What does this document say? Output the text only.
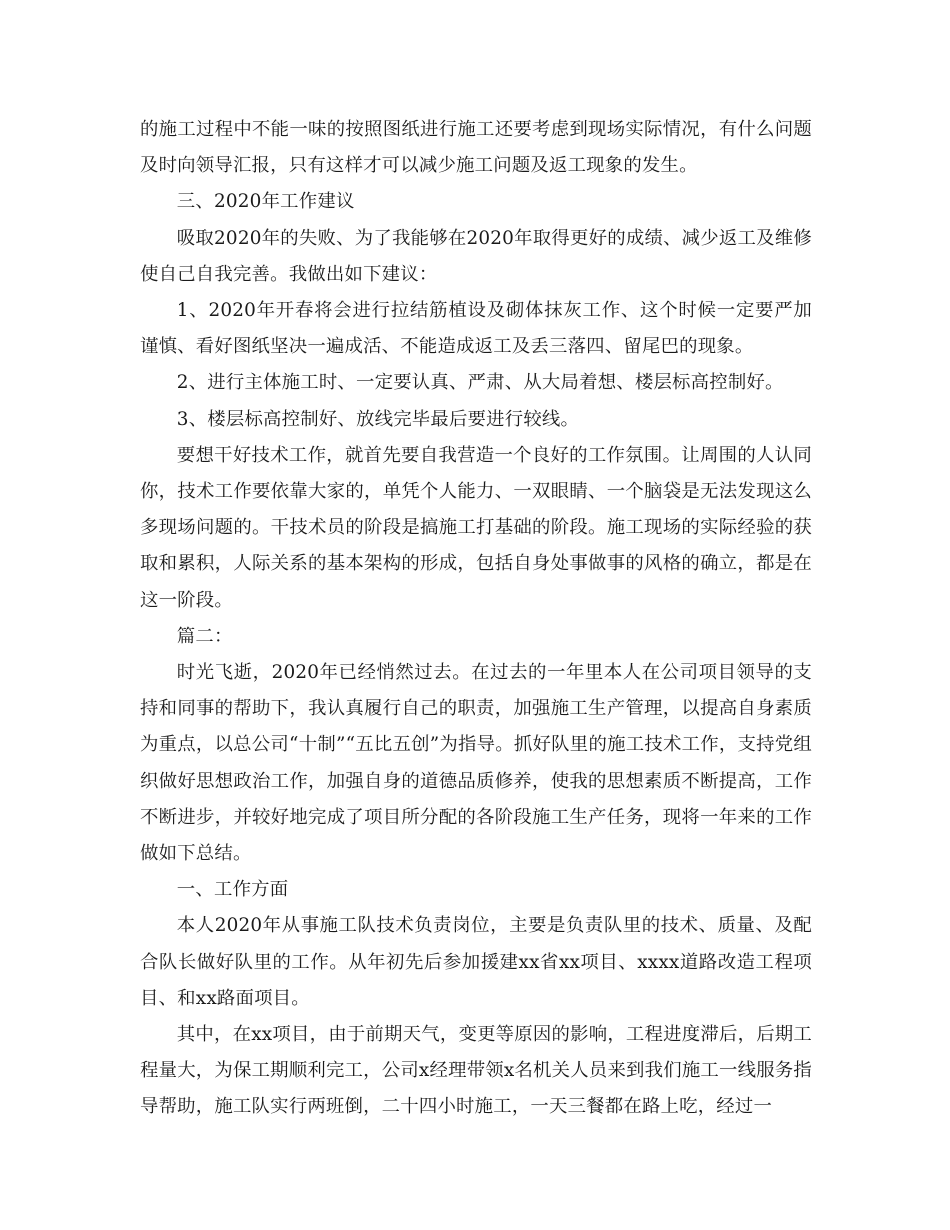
的施工过程中不能一味的按照图纸进行施工还要考虑到现场实际情况，有什么问题及时向领导汇报，只有这样才可以减少施工问题及返工现象的发生。

三、2020年工作建议

吸取2020年的失败、为了我能够在2020年取得更好的成绩、减少返工及维修使自己自我完善。我做出如下建议：

1、2020年开春将会进行拉结筋植设及砌体抹灰工作、这个时候一定要严加谨慎、看好图纸坚决一遍成活、不能造成返工及丢三落四、留尾巴的现象。

2、进行主体施工时、一定要认真、严肃、从大局着想、楼层标高控制好。

3、楼层标高控制好、放线完毕最后要进行较线。

要想干好技术工作，就首先要自我营造一个良好的工作氛围。让周围的人认同你，技术工作要依靠大家的，单凭个人能力、一双眼睛、一个脑袋是无法发现这么多现场问题的。干技术员的阶段是搞施工打基础的阶段。施工现场的实际经验的获取和累积，人际关系的基本架构的形成，包括自身处事做事的风格的确立，都是在这一阶段。

篇二：

时光飞逝，2020年已经悄然过去。在过去的一年里本人在公司项目领导的支持和同事的帮助下，我认真履行自己的职责，加强施工生产管理，以提高自身素质为重点，以总公司“十制”“五比五创”为指导。抓好队里的施工技术工作，支持党组织做好思想政治工作，加强自身的道德品质修养，使我的思想素质不断提高，工作不断进步，并较好地完成了项目所分配的各阶段施工生产任务，现将一年来的工作做如下总结。

一、工作方面

本人2020年从事施工队技术负责岗位，主要是负责队里的技术、质量、及配合队长做好队里的工作。从年初先后参加援建xx省xx项目、xxxx道路改造工程项目、和xx路面项目。

其中，在xx项目，由于前期天气，变更等原因的影响，工程进度滞后，后期工程量大，为保工期顺利完工，公司x经理带领x名机关人员来到我们施工一线服务指导帮助，施工队实行两班倒，二十四小时施工，一天三餐都在路上吃，经过一
